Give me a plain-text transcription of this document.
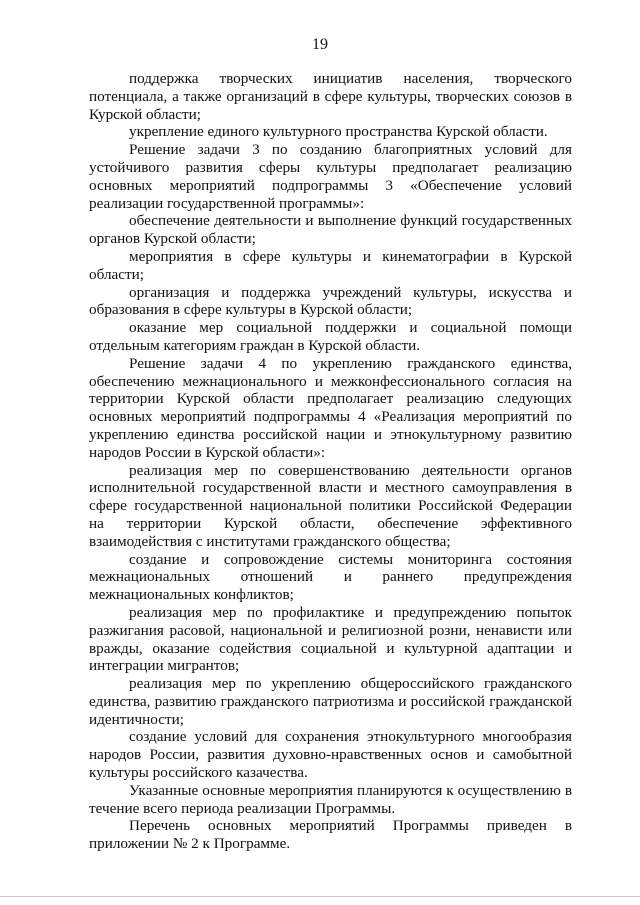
19

поддержка творческих инициатив населения, творческого потенциала, а также организаций в сфере культуры, творческих союзов в Курской области;

укрепление единого культурного пространства Курской области.

Решение задачи 3 по созданию благоприятных условий для устойчивого развития сферы культуры предполагает реализацию основных мероприятий подпрограммы 3 «Обеспечение условий реализации государственной программы»:

обеспечение деятельности и выполнение функций государственных органов Курской области;

мероприятия в сфере культуры и кинематографии в Курской области;

организация и поддержка учреждений культуры, искусства и образования в сфере культуры в Курской области;

оказание мер социальной поддержки и социальной помощи отдельным категориям граждан в Курской области.

Решение задачи 4 по укреплению гражданского единства, обеспечению межнационального и межконфессионального согласия на территории Курской области предполагает реализацию следующих основных мероприятий подпрограммы 4 «Реализация мероприятий по укреплению единства российской нации и этнокультурному развитию народов России в Курской области»:

реализация мер по совершенствованию деятельности органов исполнительной государственной власти и местного самоуправления в сфере государственной национальной политики Российской Федерации на территории Курской области, обеспечение эффективного взаимодействия с институтами гражданского общества;

создание и сопровождение системы мониторинга состояния межнациональных отношений и раннего предупреждения межнациональных конфликтов;

реализация мер по профилактике и предупреждению попыток разжигания расовой, национальной и религиозной розни, ненависти или вражды, оказание содействия социальной и культурной адаптации и интеграции мигрантов;

реализация мер по укреплению общероссийского гражданского единства, развитию гражданского патриотизма и российской гражданской идентичности;

создание условий для сохранения этнокультурного многообразия народов России, развития духовно-нравственных основ и самобытной культуры российского казачества.

Указанные основные мероприятия планируются к осуществлению в течение всего периода реализации Программы.

Перечень основных мероприятий Программы приведен в приложении № 2 к Программе.
